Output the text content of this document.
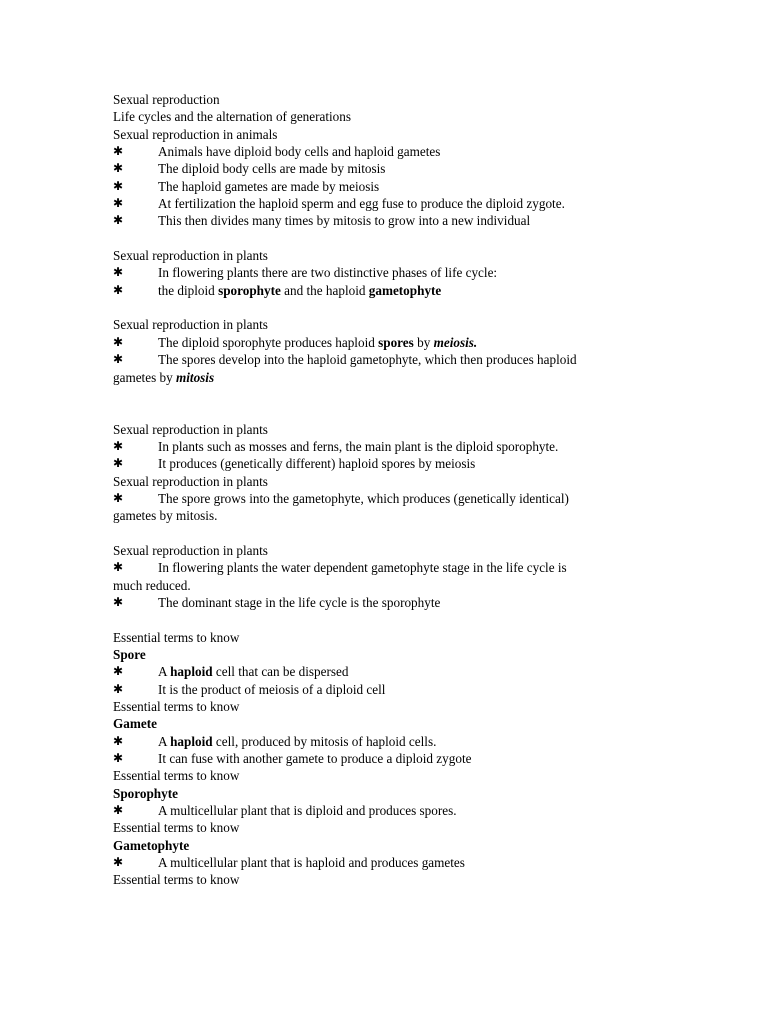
Sexual reproduction
Life cycles and the alternation of generations
Sexual reproduction in animals
✱	Animals have diploid body cells and haploid gametes
✱	The diploid body cells are made by mitosis
✱	The haploid gametes are made by meiosis
✱	At fertilization the haploid sperm and egg fuse to produce the diploid zygote.
✱	This then divides many times by mitosis to grow into a new individual
Sexual reproduction in plants
✱	In flowering plants there are two distinctive phases of life cycle:
✱	the diploid sporophyte and the haploid gametophyte
Sexual reproduction in plants
✱	The diploid sporophyte produces haploid spores by meiosis.
✱	The spores develop into the haploid gametophyte, which then produces haploid
gametes by mitosis
Sexual reproduction in plants
✱	In plants such as mosses and ferns, the main plant is the diploid sporophyte.
✱	It produces (genetically different) haploid spores by meiosis
Sexual reproduction in plants
✱	The spore grows into the gametophyte, which produces (genetically identical)
gametes by mitosis.
Sexual reproduction in plants
✱	In flowering plants the water dependent gametophyte stage in the life cycle is
much reduced.
✱	The dominant stage in the life cycle is the sporophyte
Essential terms to know
Spore
✱	A haploid cell that can be dispersed
✱	It is the product of meiosis of a diploid cell
Essential terms to know
Gamete
✱	A haploid cell, produced by mitosis of haploid cells.
✱	It can fuse with another gamete to produce a diploid zygote
Essential terms to know
Sporophyte
✱	A multicellular plant that is diploid and produces spores.
Essential terms to know
Gametophyte
✱	A multicellular plant that is haploid and produces gametes
Essential terms to know
